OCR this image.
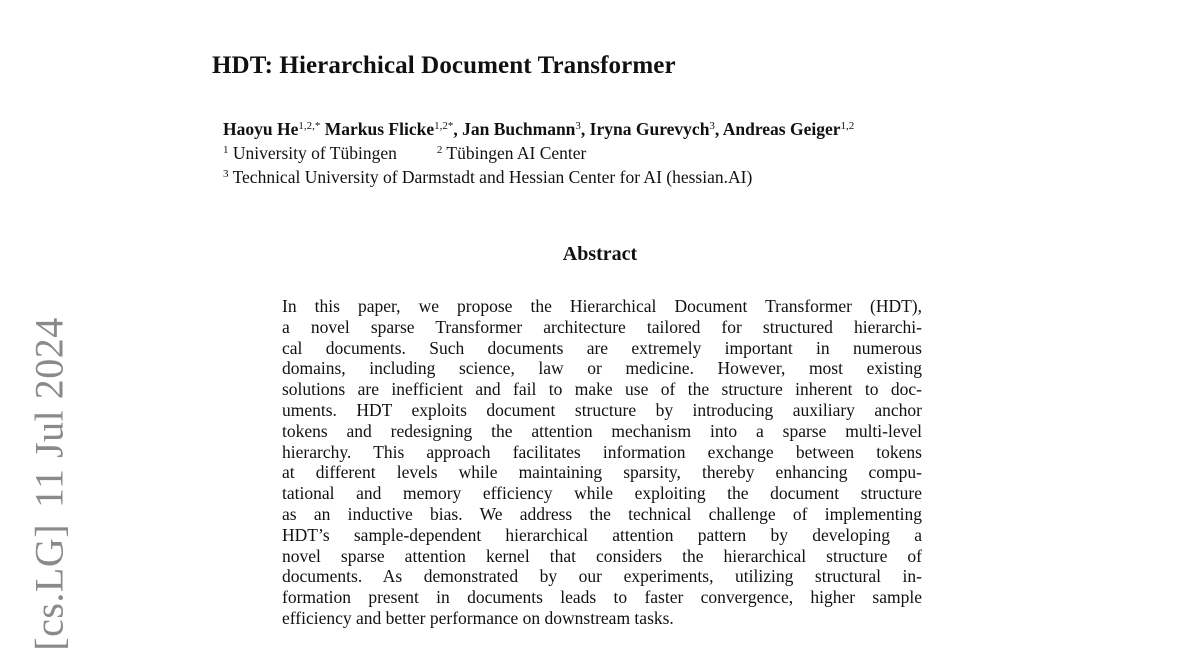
HDT: Hierarchical Document Transformer
Haoyu $He^{1,2,*}$ Markus Flicke$^{1,2*}$, Jan Buchmann$^3$, Iryna Gurevych$^3$, Andreas Geiger$^{1,2}$
$^1$ University of Tübingen	$^2$ Tübingen AI Center
$^3$ Technical University of Darmstadt and Hessian Center for AI (hessian.AI)
Abstract
In this paper, we propose the Hierarchical Document Transformer (HDT),
a novel sparse Transformer architecture tailored for structured hierarchi-
cal documents. Such documents are extremely important in numerous
domains, including science, law or medicine. However, most existing
solutions are inefficient and fail to make use of the structure inherent to doc-
uments. HDT exploits document structure by introducing auxiliary anchor
tokens and redesigning the attention mechanism into a sparse multi-level
hierarchy. This approach facilitates information exchange between tokens
at different levels while maintaining sparsity, thereby enhancing compu-
tational and memory efficiency while exploiting the document structure
as an inductive bias. We address the technical challenge of implementing
HDT’s sample-dependent hierarchical attention pattern by developing a
novel sparse attention kernel that considers the hierarchical structure of
documents. As demonstrated by our experiments, utilizing structural in-
formation present in documents leads to faster convergence, higher sample
efficiency and better performance on downstream tasks.
[cs.LG]11 Jul 2024
